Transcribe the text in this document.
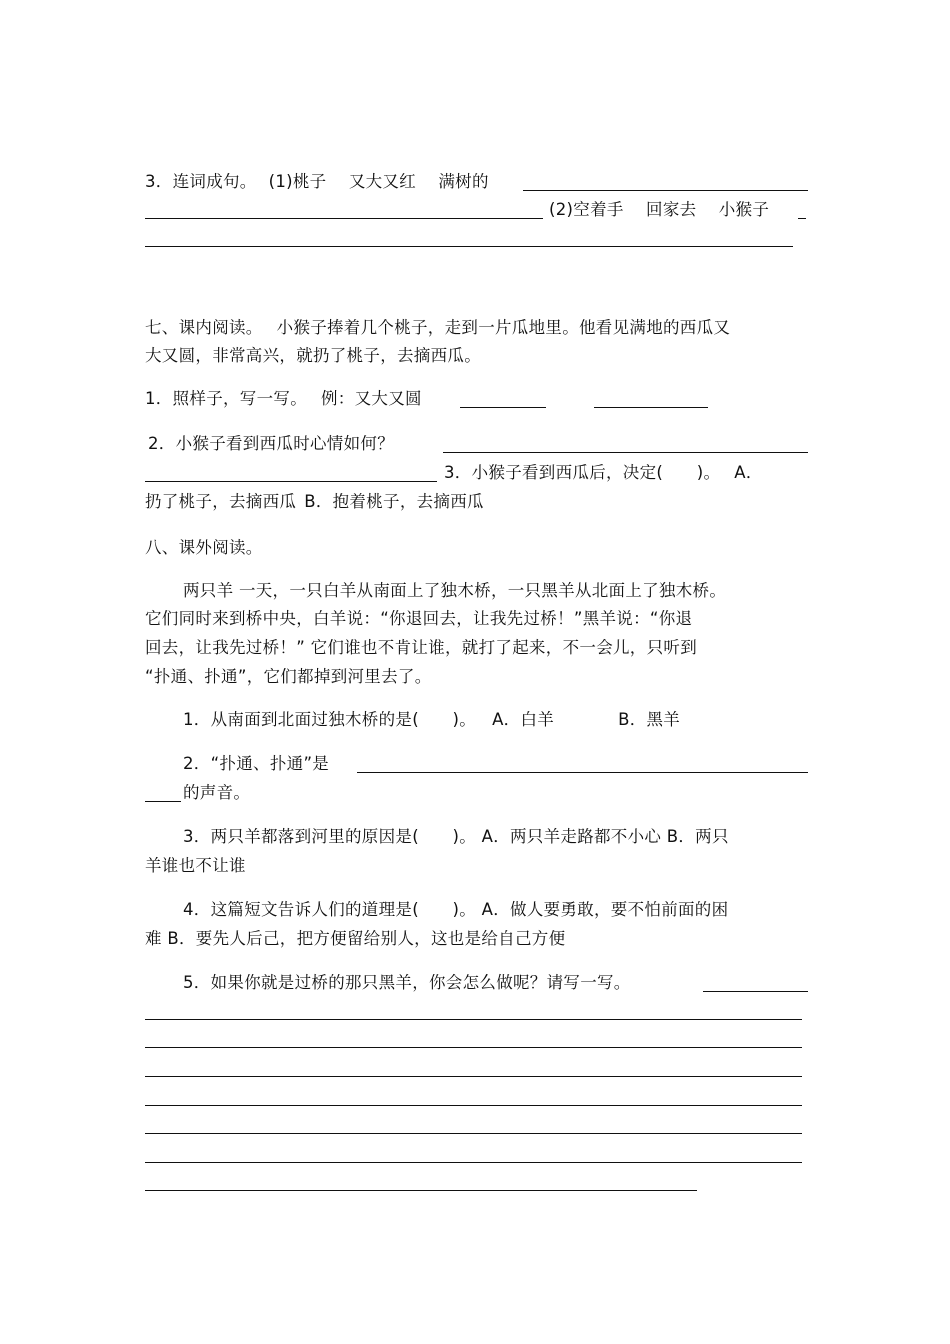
3．连词成句。 (1)桃子　 又大又红　 满树的
(2)空着手　 回家去　 小猴子
七、课内阅读。 小猴子捧着几个桃子，走到一片瓜地里。他看见满地的西瓜又
大又圆，非常高兴，就扔了桃子，去摘西瓜。
1．照样子，写一写。 例：又大又圆
2．小猴子看到西瓜时心情如何？
3．小猴子看到西瓜后，决定(　　)。 A．
扔了桃子，去摘西瓜 B．抱着桃子，去摘西瓜
八、课外阅读。
两只羊 一天，一只白羊从南面上了独木桥，一只黑羊从北面上了独木桥。
它们同时来到桥中央，白羊说：“你退回去，让我先过桥！”黑羊说：“你退
回去，让我先过桥！” 它们谁也不肯让谁，就打了起来，不一会儿，只听到
“扑通、扑通”，它们都掉到河里去了。
1．从南面到北面过独木桥的是(　　)。 A．白羊	B．黑羊
2．“扑通、扑通”是
的声音。
3．两只羊都落到河里的原因是(　　)。 A．两只羊走路都不小心 B．两只
羊谁也不让谁
4．这篇短文告诉人们的道理是(　　)。 A．做人要勇敢，要不怕前面的困
难 B．要先人后己，把方便留给别人，这也是给自己方便
5．如果你就是过桥的那只黑羊，你会怎么做呢？请写一写。
